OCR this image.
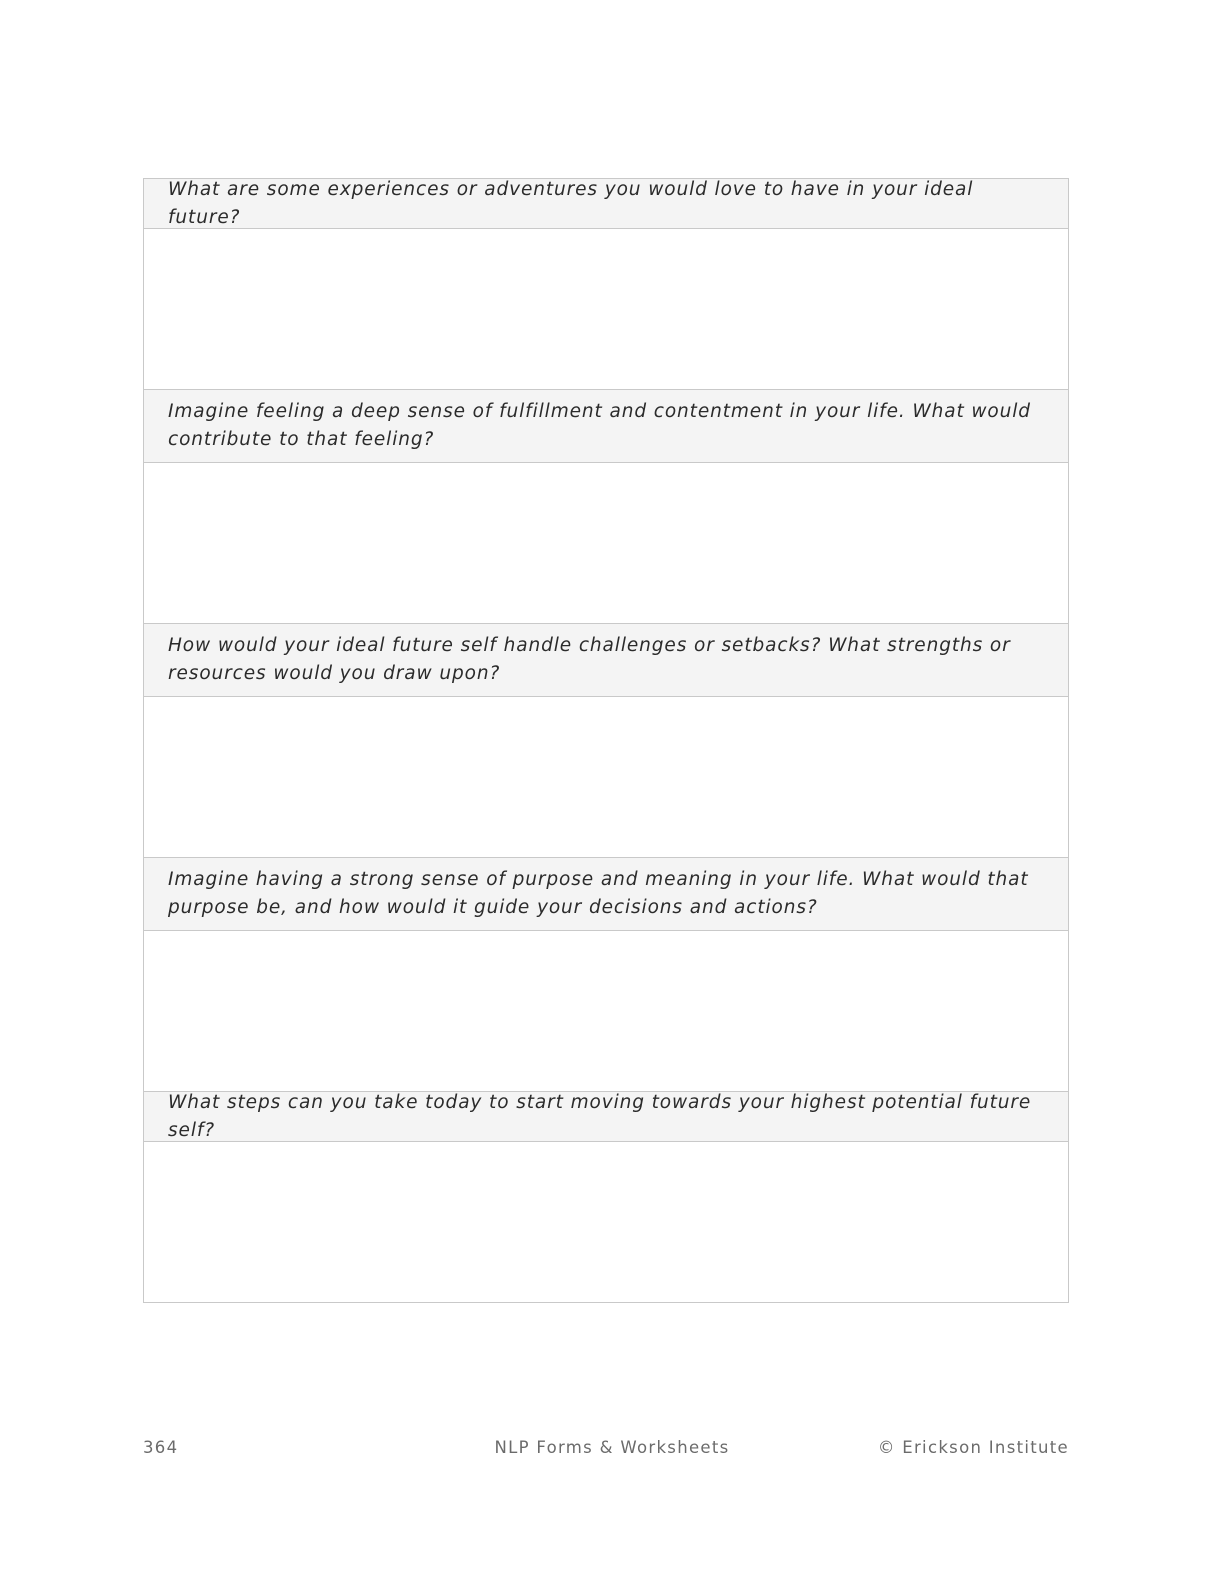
What are some experiences or adventures you would love to have in your ideal future?
Imagine feeling a deep sense of fulfillment and contentment in your life. What would contribute to that feeling?
How would your ideal future self handle challenges or setbacks? What strengths or resources would you draw upon?
Imagine having a strong sense of purpose and meaning in your life. What would that purpose be, and how would it guide your decisions and actions?
What steps can you take today to start moving towards your highest potential future self?
364	NLP Forms & Worksheets	© Erickson Institute
